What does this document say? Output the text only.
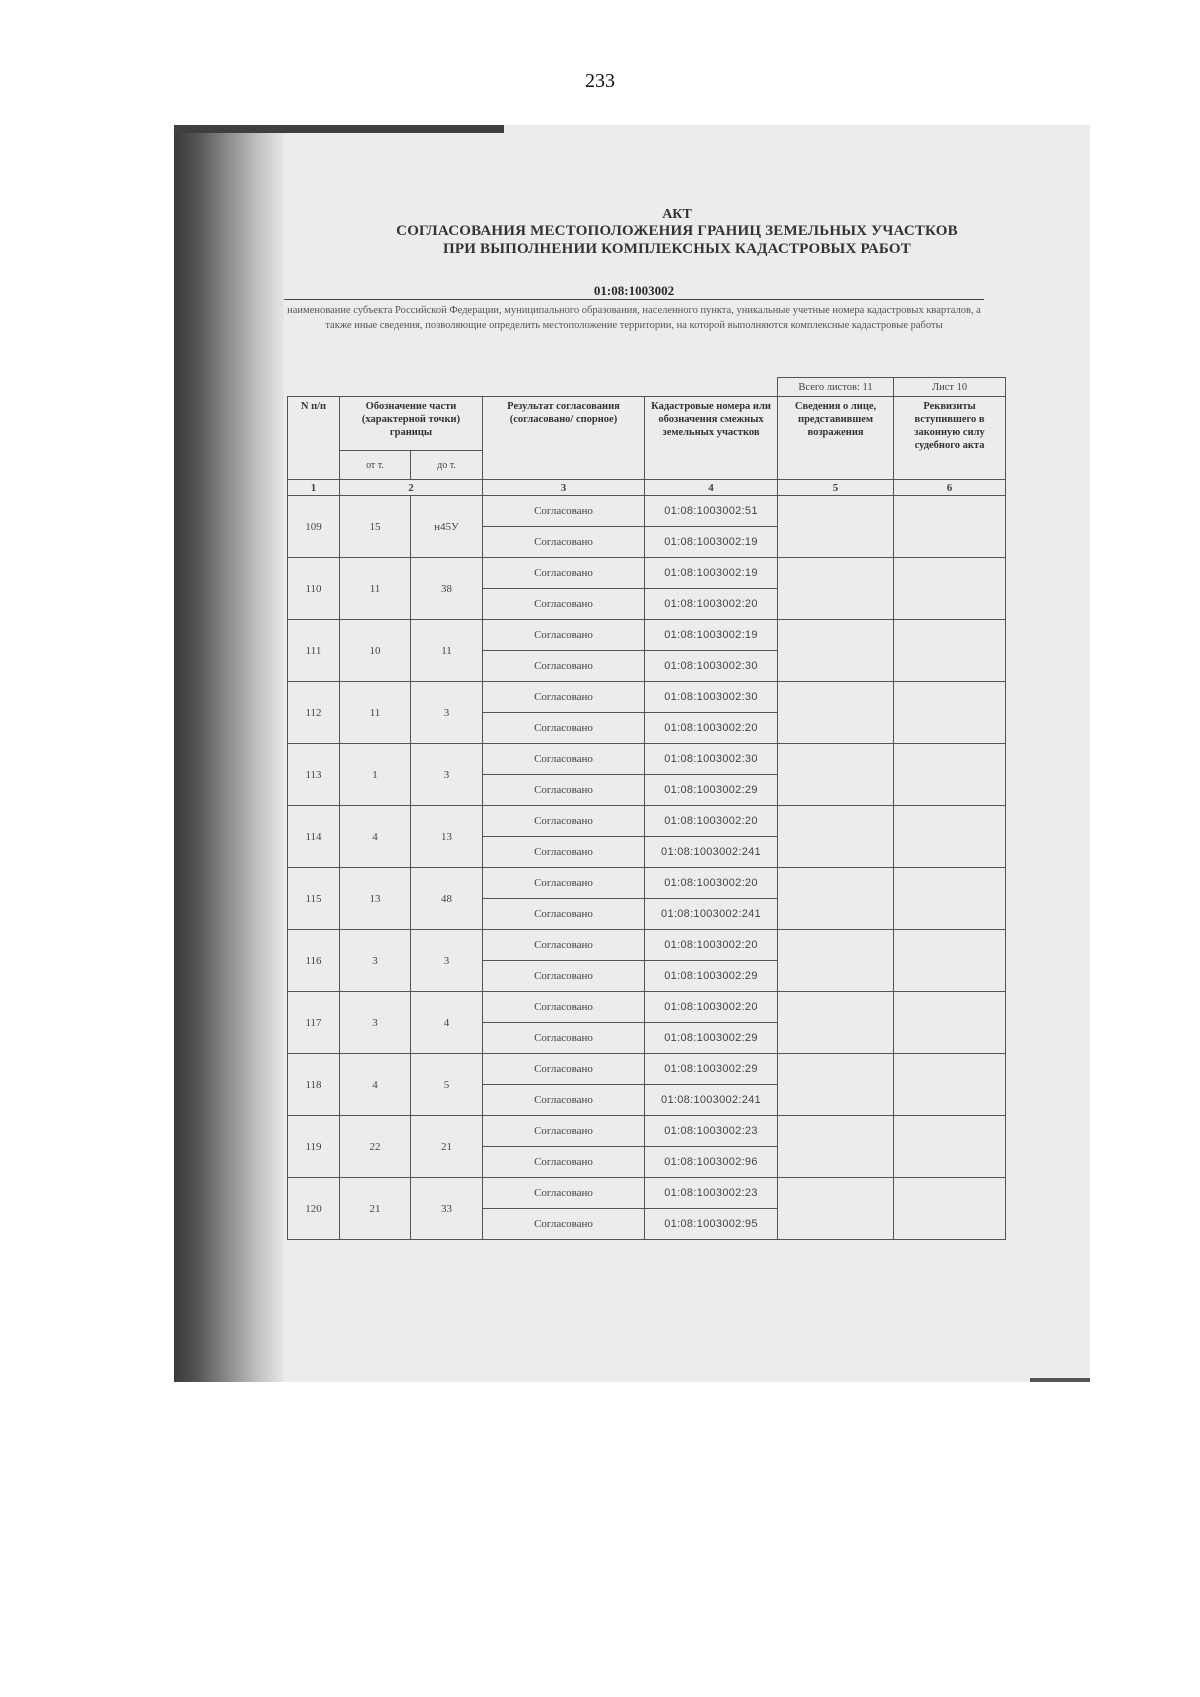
233
АКТ
СОГЛАСОВАНИЯ МЕСТОПОЛОЖЕНИЯ ГРАНИЦ ЗЕМЕЛЬНЫХ УЧАСТКОВ
ПРИ ВЫПОЛНЕНИИ КОМПЛЕКСНЫХ КАДАСТРОВЫХ РАБОТ
01:08:1003002
наименование субъекта Российской Федерации, муниципального образования, населенного пункта, уникальные учетные номера кадастровых кварталов, а также иные сведения, позволяющие определить местоположение территории, на которой выполняются комплексные кадастровые работы
					Всего листов: 11	Лист 10
N п/п	Обозначение части (характерной точки) границы		Результат согласования (согласовано/ спорное)	Кадастровые номера или обозначения смежных земельных участков	Сведения о лице, представившем возражения	Реквизиты вступившего в законную силу судебного акта
	от т.	до т.				
1	2		3	4	5	6
109	15	н45У	Согласовано	01:08:1003002:51		
			Согласовано	01:08:1003002:19		
110	11	38	Согласовано	01:08:1003002:19		
			Согласовано	01:08:1003002:20		
111	10	11	Согласовано	01:08:1003002:19		
			Согласовано	01:08:1003002:30		
112	11	3	Согласовано	01:08:1003002:30		
			Согласовано	01:08:1003002:20		
113	1	3	Согласовано	01:08:1003002:30		
			Согласовано	01:08:1003002:29		
114	4	13	Согласовано	01:08:1003002:20		
			Согласовано	01:08:1003002:241		
115	13	48	Согласовано	01:08:1003002:20		
			Согласовано	01:08:1003002:241		
116	3	3	Согласовано	01:08:1003002:20		
			Согласовано	01:08:1003002:29		
117	3	4	Согласовано	01:08:1003002:20		
			Согласовано	01:08:1003002:29		
118	4	5	Согласовано	01:08:1003002:29		
			Согласовано	01:08:1003002:241		
119	22	21	Согласовано	01:08:1003002:23		
			Согласовано	01:08:1003002:96		
120	21	33	Согласовано	01:08:1003002:23		
			Согласовано	01:08:1003002:95		
